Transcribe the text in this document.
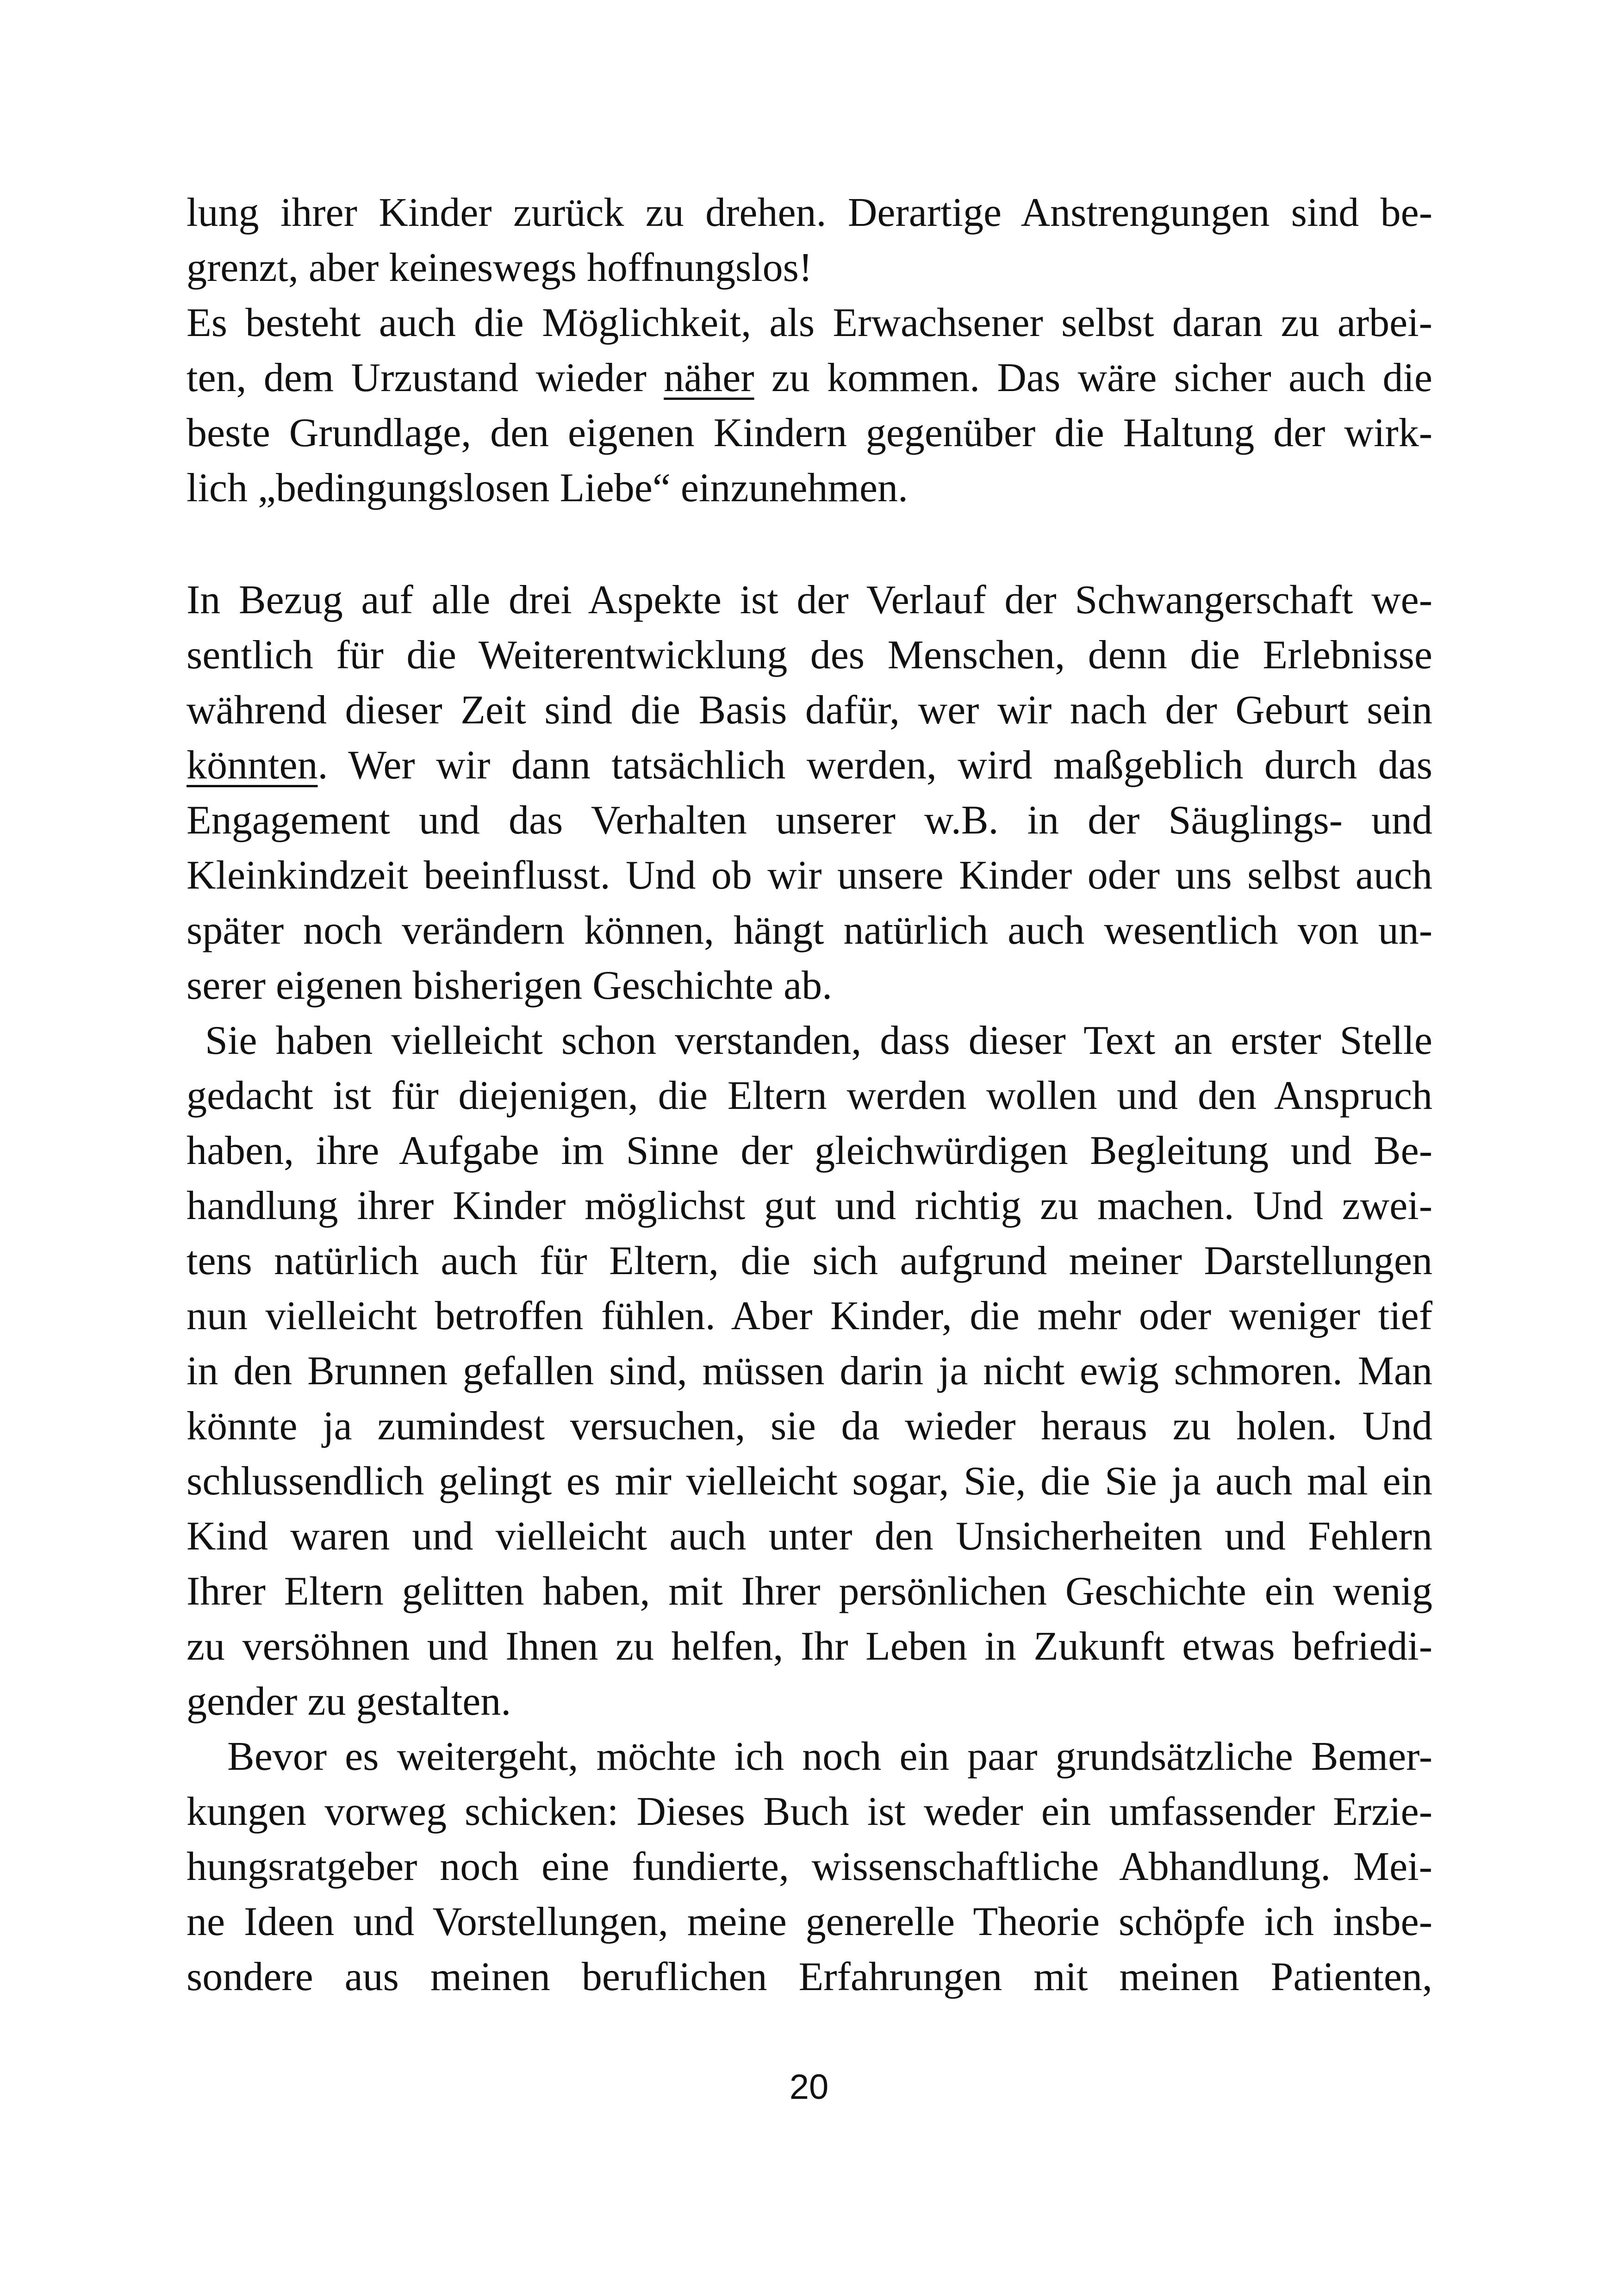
lung ihrer Kinder zurück zu drehen. Derartige Anstrengungen sind be-
grenzt, aber keineswegs hoffnungslos!
Es besteht auch die Möglichkeit, als Erwachsener selbst daran zu arbei-
ten, dem Urzustand wieder näher zu kommen. Das wäre sicher auch die
beste Grundlage, den eigenen Kindern gegenüber die Haltung der wirk-
lich „bedingungslosen Liebe“ einzunehmen.
In Bezug auf alle drei Aspekte ist der Verlauf der Schwangerschaft we-
sentlich für die Weiterentwicklung des Menschen, denn die Erlebnisse
während dieser Zeit sind die Basis dafür, wer wir nach der Geburt sein
könnten. Wer wir dann tatsächlich werden, wird maßgeblich durch das
Engagement und das Verhalten unserer w.B. in der Säuglings- und
Kleinkindzeit beeinflusst. Und ob wir unsere Kinder oder uns selbst auch
später noch verändern können, hängt natürlich auch wesentlich von un-
serer eigenen bisherigen Geschichte ab.
Sie haben vielleicht schon verstanden, dass dieser Text an erster Stelle
gedacht ist für diejenigen, die Eltern werden wollen und den Anspruch
haben, ihre Aufgabe im Sinne der gleichwürdigen Begleitung und Be-
handlung ihrer Kinder möglichst gut und richtig zu machen. Und zwei-
tens natürlich auch für Eltern, die sich aufgrund meiner Darstellungen
nun vielleicht betroffen fühlen. Aber Kinder, die mehr oder weniger tief
in den Brunnen gefallen sind, müssen darin ja nicht ewig schmoren. Man
könnte ja zumindest versuchen, sie da wieder heraus zu holen. Und
schlussendlich gelingt es mir vielleicht sogar, Sie, die Sie ja auch mal ein
Kind waren und vielleicht auch unter den Unsicherheiten und Fehlern
Ihrer Eltern gelitten haben, mit Ihrer persönlichen Geschichte ein wenig
zu versöhnen und Ihnen zu helfen, Ihr Leben in Zukunft etwas befriedi-
gender zu gestalten.
Bevor es weitergeht, möchte ich noch ein paar grundsätzliche Bemer-
kungen vorweg schicken: Dieses Buch ist weder ein umfassender Erzie-
hungsratgeber noch eine fundierte, wissenschaftliche Abhandlung. Mei-
ne Ideen und Vorstellungen, meine generelle Theorie schöpfe ich insbe-
sondere aus meinen beruflichen Erfahrungen mit meinen Patienten,
20
